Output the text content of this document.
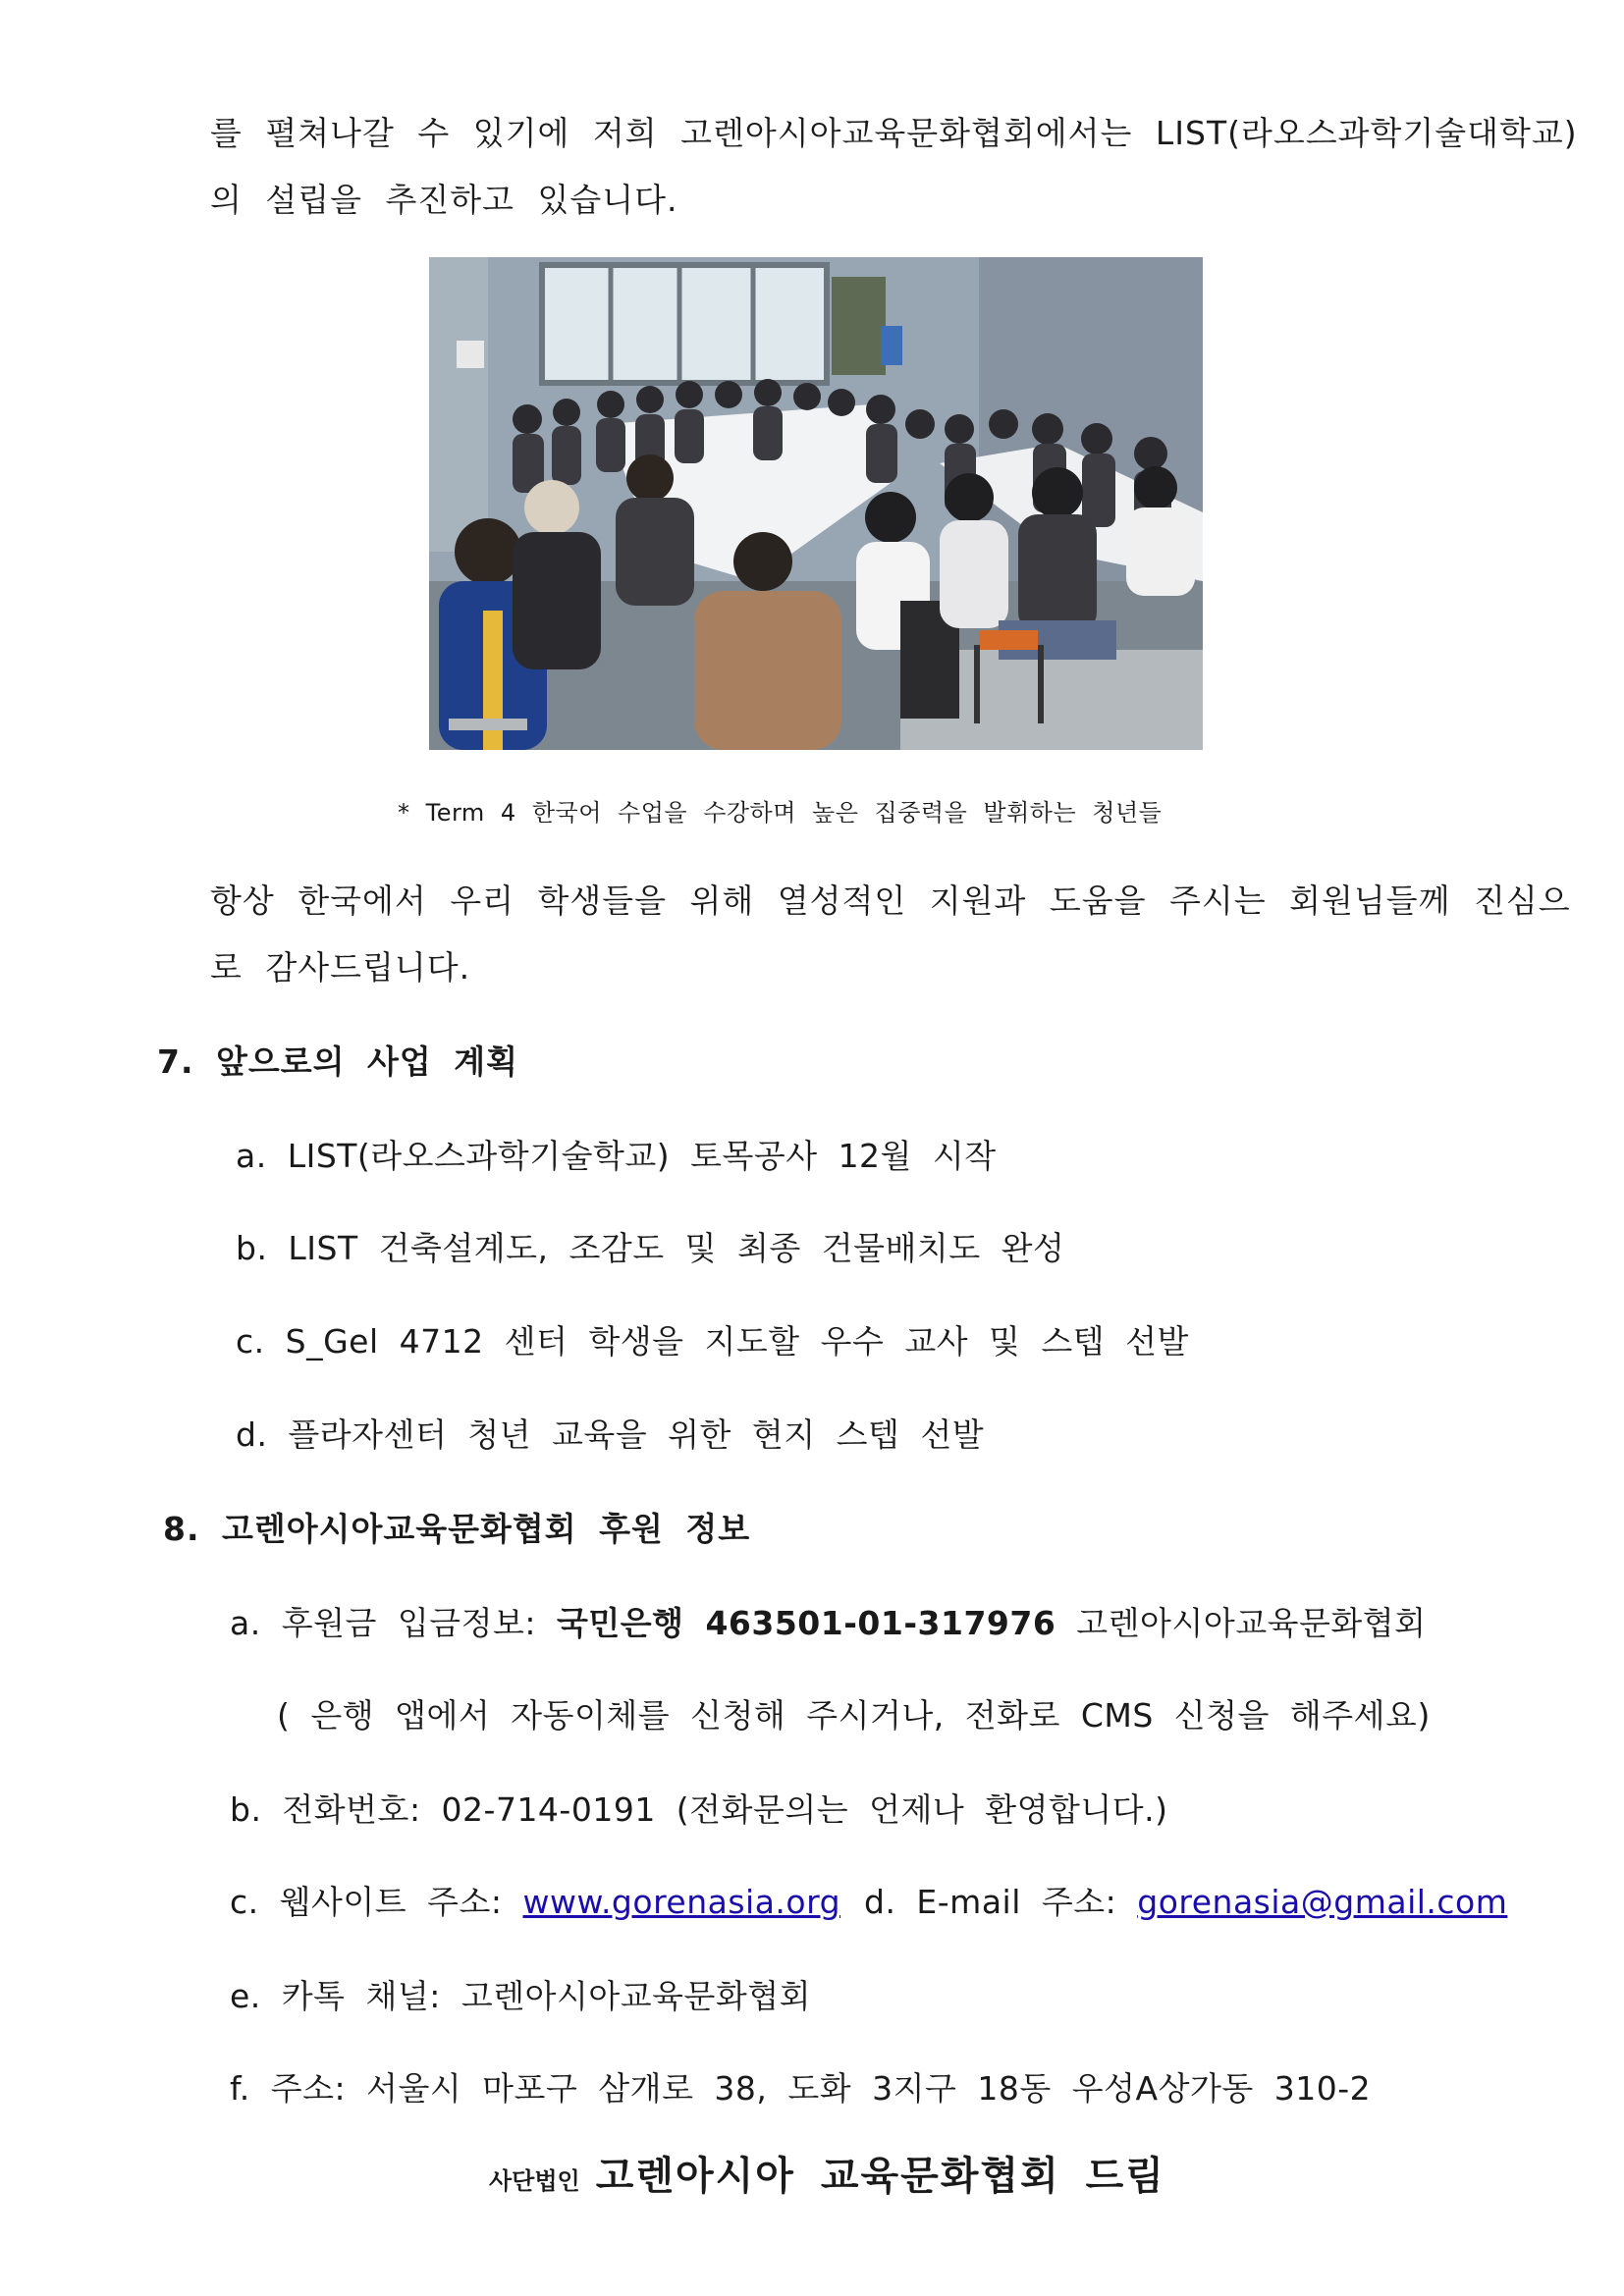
를 펼쳐나갈 수 있기에 저희 고렌아시아교육문화협회에서는 LIST(라오스과학기술대학교)
의 설립을 추진하고 있습니다.
* Term 4 한국어 수업을 수강하며 높은 집중력을 발휘하는 청년들
항상 한국에서 우리 학생들을 위해 열성적인 지원과 도움을 주시는 회원님들께 진심으
로 감사드립니다.
7. 앞으로의 사업 계획
a. LIST(라오스과학기술학교) 토목공사 12월 시작
b. LIST 건축설계도, 조감도 및 최종 건물배치도 완성
c. S_Gel 4712 센터 학생을 지도할 우수 교사 및 스텝 선발
d. 플라자센터 청년 교육을 위한 현지 스텝 선발
8. 고렌아시아교육문화협회 후원 정보
a. 후원금 입금정보: 국민은행 463501-01-317976 고렌아시아교육문화협회
( 은행 앱에서 자동이체를 신청해 주시거나, 전화로 CMS 신청을 해주세요)
b. 전화번호: 02-714-0191 (전화문의는 언제나 환영합니다.)
c. 웹사이트 주소: www.gorenasia.org d. E-mail 주소: gorenasia@gmail.com
e. 카톡 채널: 고렌아시아교육문화협회
f. 주소: 서울시 마포구 삼개로 38, 도화 3지구 18동 우성A상가동 310-2
사단법인 고렌아시아 교육문화협회 드림
